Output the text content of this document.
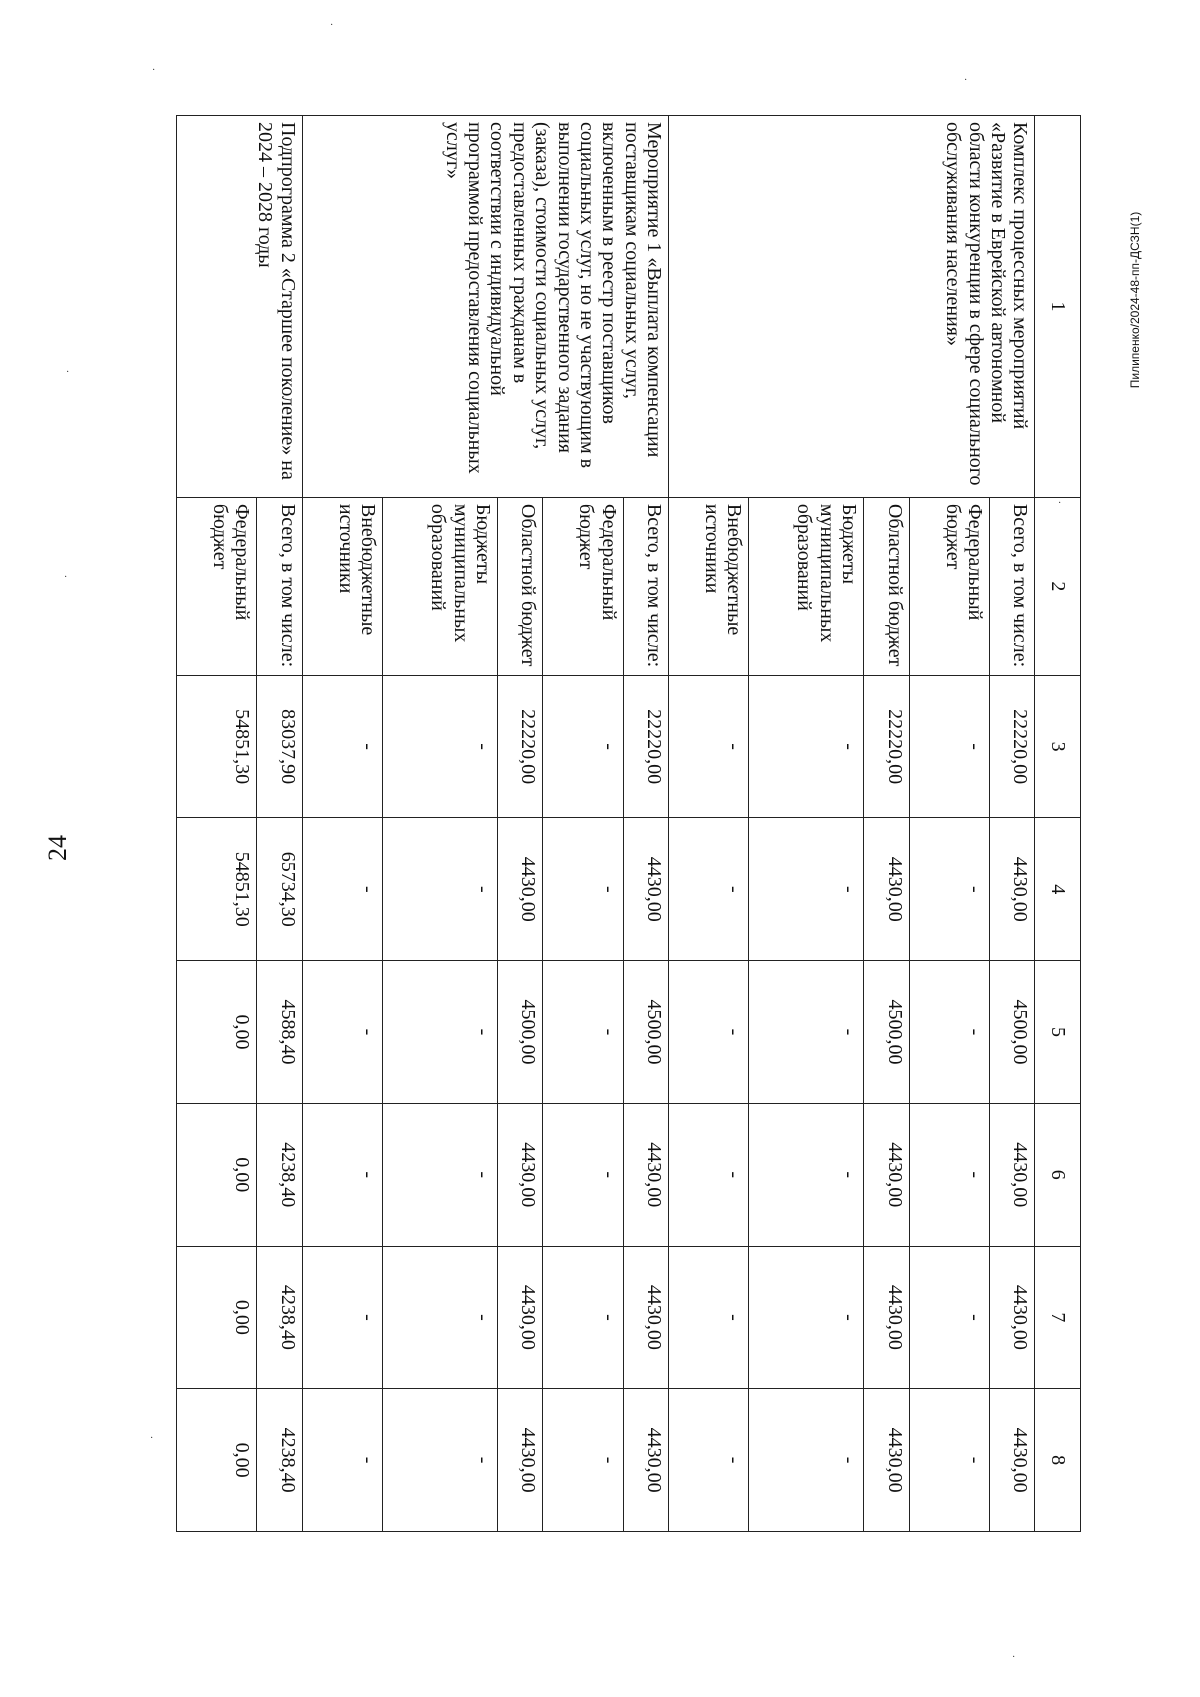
24
Пилипенко/2024-48-пп-ДСЗН(1)
·
·
·
·
·
·
·
·
1	2	3	4	5	6	7	8
Комплекс процессных мероприятий «Развитие в Еврейской автономной области конкуренции в сфере социального обслуживания населения»	Всего, в том числе:	22220,00	4430,00	4500,00	4430,00	4430,00	4430,00
	Федеральный бюджет	-	-	-	-	-	-
	Областной бюджет	22220,00	4430,00	4500,00	4430,00	4430,00	4430,00
	Бюджеты муниципальных образований	-	-	-	-	-	-
	Внебюджетные источники	-	-	-	-	-	-
Мероприятие 1 «Выплата компенсации поставщикам социальных услуг, включенным в реестр поставщиков социальных услуг, но не участвующим в выполнении государственного задания (заказа), стоимости социальных услуг, предоставленных гражданам в соответствии с индивидуальной программой предоставления социальных услуг»	Всего, в том числе:	22220,00	4430,00	4500,00	4430,00	4430,00	4430,00
	Федеральный бюджет	-	-	-	-	-	-
	Областной бюджет	22220,00	4430,00	4500,00	4430,00	4430,00	4430,00
	Бюджеты муниципальных образований	-	-	-	-	-	-
	Внебюджетные источники	-	-	-	-	-	-
Подпрограмма 2 «Старшее поколение» на 2024 – 2028 годы	Всего, в том числе:	83037,90	65734,30	4588,40	4238,40	4238,40	4238,40
	Федеральный бюджет	54851,30	54851,30	0,00	0,00	0,00	0,00
